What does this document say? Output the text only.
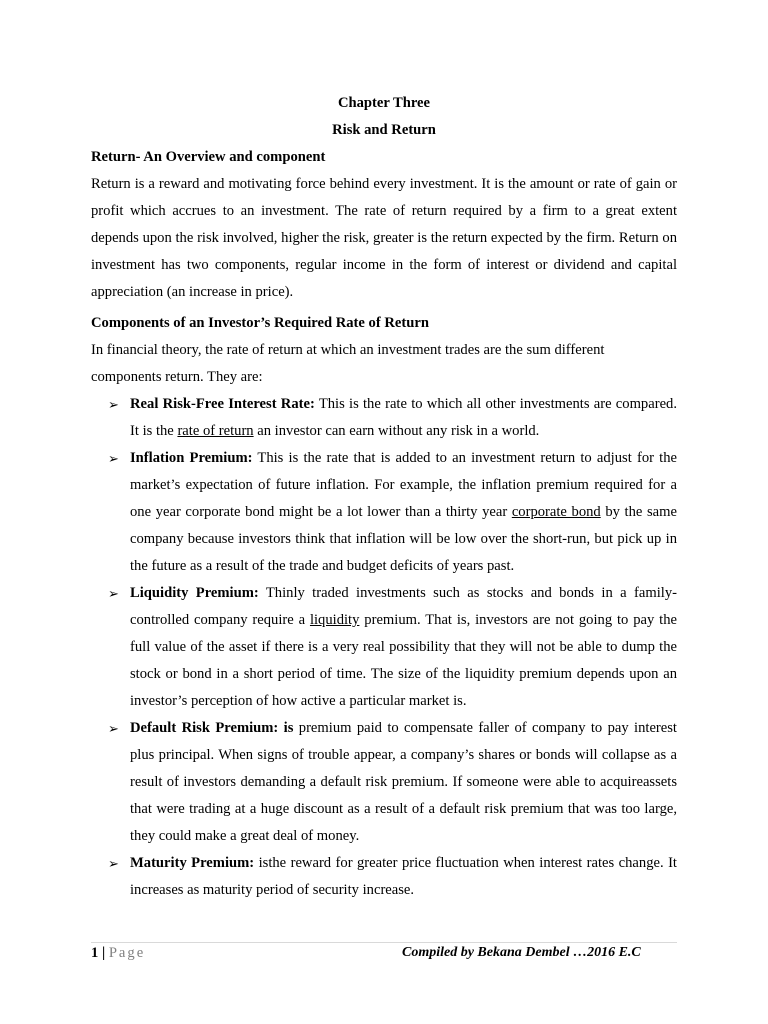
Chapter Three

Risk and Return

Return- An Overview and component

Return is a reward and motivating force behind every investment. It is the amount or rate of gain or profit which accrues to an investment. The rate of return required by a firm to a great extent depends upon the risk involved, higher the risk, greater is the return expected by the firm. Return on investment has two components, regular income in the form of interest or dividend and capital appreciation (an increase in price).

Components of an Investor’s Required Rate of Return

In financial theory, the rate of return at which an investment trades are the sum different components return. They are:

➢ Real Risk-Free Interest Rate: This is the rate to which all other investments are compared. It is the rate of return an investor can earn without any risk in a world.
➢ Inflation Premium: This is the rate that is added to an investment return to adjust for the market’s expectation of future inflation. For example, the inflation premium required for a one year corporate bond might be a lot lower than a thirty year corporate bond by the same company because investors think that inflation will be low over the short-run, but pick up in the future as a result of the trade and budget deficits of years past.
➢ Liquidity Premium: Thinly traded investments such as stocks and bonds in a family-controlled company require a liquidity premium. That is, investors are not going to pay the full value of the asset if there is a very real possibility that they will not be able to dump the stock or bond in a short period of time. The size of the liquidity premium depends upon an investor’s perception of how active a particular market is.
➢ Default Risk Premium: is premium paid to compensate faller of company to pay interest plus principal. When signs of trouble appear, a company’s shares or bonds will collapse as a result of investors demanding a default risk premium. If someone were able to acquireassets that were trading at a huge discount as a result of a default risk premium that was too large, they could make a great deal of money.
➢ Maturity Premium: isthe reward for greater price fluctuation when interest rates change. It increases as maturity period of security increase.
1 | Page	Compiled by Bekana Dembel …2016 E.C
